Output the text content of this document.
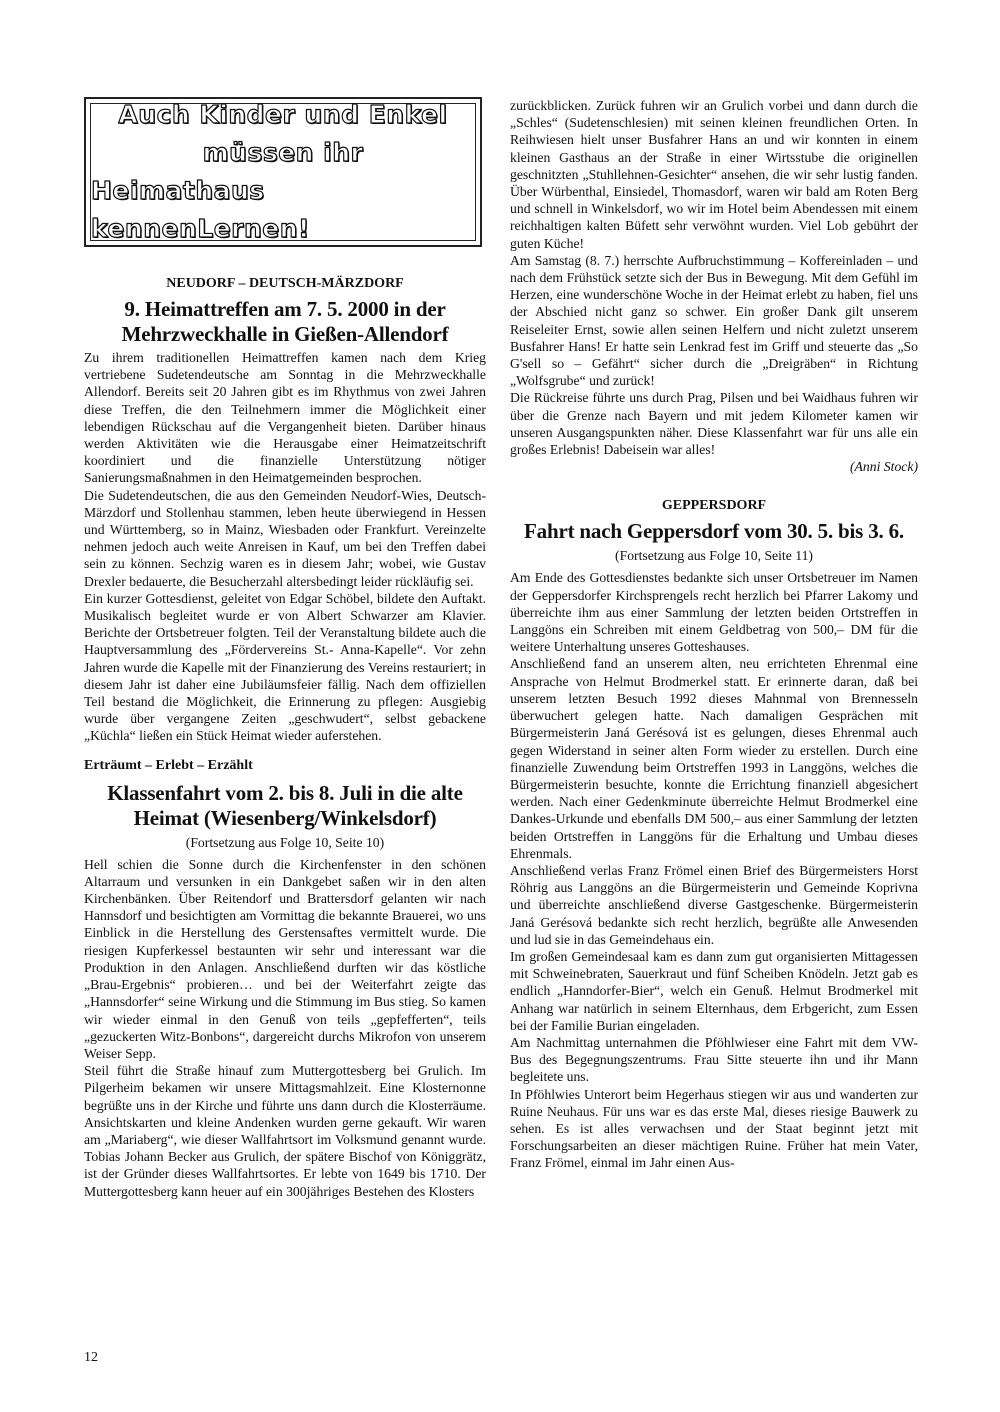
Auch Kinder und Enkel
müssen ihr
Heimathaus kennenLernen!
NEUDORF – DEUTSCH-MÄRZDORF
9. Heimattreffen am 7. 5. 2000 in der Mehrzweckhalle in Gießen-Allendorf

Zu ihrem traditionellen Heimattreffen kamen nach dem Krieg vertriebene Sudetendeutsche am Sonntag in die Mehrzweckhalle Allendorf. Bereits seit 20 Jahren gibt es im Rhythmus von zwei Jahren diese Treffen, die den Teilnehmern immer die Möglichkeit einer lebendigen Rückschau auf die Vergangenheit bieten. Darüber hinaus werden Aktivitäten wie die Herausgabe einer Heimatzeitschrift koordiniert und die finanzielle Unterstützung nötiger Sanierungsmaßnahmen in den Heimatgemeinden besprochen.

Die Sudetendeutschen, die aus den Gemeinden Neudorf-Wies, Deutsch-Märzdorf und Stollenhau stammen, leben heute überwiegend in Hessen und Württemberg, so in Mainz, Wiesbaden oder Frankfurt. Vereinzelte nehmen jedoch auch weite Anreisen in Kauf, um bei den Treffen dabei sein zu können. Sechzig waren es in diesem Jahr; wobei, wie Gustav Drexler bedauerte, die Besucherzahl altersbedingt leider rückläufig sei.

Ein kurzer Gottesdienst, geleitet von Edgar Schöbel, bildete den Auftakt. Musikalisch begleitet wurde er von Albert Schwarzer am Klavier. Berichte der Ortsbetreuer folgten. Teil der Veranstaltung bildete auch die Hauptversammlung des „Fördervereins St.- Anna-Kapelle“. Vor zehn Jahren wurde die Kapelle mit der Finanzierung des Vereins restauriert; in diesem Jahr ist daher eine Jubiläumsfeier fällig. Nach dem offiziellen Teil bestand die Möglichkeit, die Erinnerung zu pflegen: Ausgiebig wurde über vergangene Zeiten „geschwudert“, selbst gebackene „Küchla“ ließen ein Stück Heimat wieder auferstehen.

Erträumt – Erlebt – Erzählt
Klassenfahrt vom 2. bis 8. Juli in die alte Heimat (Wiesenberg/Winkelsdorf)
(Fortsetzung aus Folge 10, Seite 10)

Hell schien die Sonne durch die Kirchenfenster in den schönen Altarraum und versunken in ein Dankgebet saßen wir in den alten Kirchenbänken. Über Reitendorf und Brattersdorf gelanten wir nach Hannsdorf und besichtigten am Vormittag die bekannte Brauerei, wo uns Einblick in die Herstellung des Gerstensaftes vermittelt wurde. Die riesigen Kupferkessel bestaunten wir sehr und interessant war die Produktion in den Anlagen. Anschließend durften wir das köstliche „Brau-Ergebnis“ probieren… und bei der Weiterfahrt zeigte das „Hannsdorfer“ seine Wirkung und die Stimmung im Bus stieg. So kamen wir wieder einmal in den Genuß von teils „gepfefferten“, teils „gezuckerten Witz-Bonbons“, dargereicht durchs Mikrofon von unserem Weiser Sepp.

Steil führt die Straße hinauf zum Muttergottesberg bei Grulich. Im Pilgerheim bekamen wir unsere Mittagsmahlzeit. Eine Klosternonne begrüßte uns in der Kirche und führte uns dann durch die Klosterräume. Ansichtskarten und kleine Andenken wurden gerne gekauft. Wir waren am „Mariaberg“, wie dieser Wallfahrtsort im Volksmund genannt wurde. Tobias Johann Becker aus Grulich, der spätere Bischof von Königgrätz, ist der Gründer dieses Wallfahrtsortes. Er lebte von 1649 bis 1710. Der Muttergottesberg kann heuer auf ein 300jähriges Bestehen des Klosters

zurückblicken. Zurück fuhren wir an Grulich vorbei und dann durch die „Schles“ (Sudetenschlesien) mit seinen kleinen freundlichen Orten. In Reihwiesen hielt unser Busfahrer Hans an und wir konnten in einem kleinen Gasthaus an der Straße in einer Wirtsstube die originellen geschnitzten „Stuhllehnen-Gesichter“ ansehen, die wir sehr lustig fanden. Über Würbenthal, Einsiedel, Thomasdorf, waren wir bald am Roten Berg und schnell in Winkelsdorf, wo wir im Hotel beim Abendessen mit einem reichhaltigen kalten Büfett sehr verwöhnt wurden. Viel Lob gebührt der guten Küche!

Am Samstag (8. 7.) herrschte Aufbruchstimmung – Koffereinladen – und nach dem Frühstück setzte sich der Bus in Bewegung. Mit dem Gefühl im Herzen, eine wunderschöne Woche in der Heimat erlebt zu haben, fiel uns der Abschied nicht ganz so schwer. Ein großer Dank gilt unserem Reiseleiter Ernst, sowie allen seinen Helfern und nicht zuletzt unserem Busfahrer Hans! Er hatte sein Lenkrad fest im Griff und steuerte das „So G'sell so – Gefährt“ sicher durch die „Dreigräben“ in Richtung „Wolfsgrube“ und zurück!

Die Rückreise führte uns durch Prag, Pilsen und bei Waidhaus fuhren wir über die Grenze nach Bayern und mit jedem Kilometer kamen wir unseren Ausgangspunkten näher. Diese Klassenfahrt war für uns alle ein großes Erlebnis! Dabeisein war alles!

(Anni Stock)

GEPPERSDORF
Fahrt nach Geppersdorf vom 30. 5. bis 3. 6.
(Fortsetzung aus Folge 10, Seite 11)

Am Ende des Gottesdienstes bedankte sich unser Ortsbetreuer im Namen der Geppersdorfer Kirchsprengels recht herzlich bei Pfarrer Lakomy und überreichte ihm aus einer Sammlung der letzten beiden Ortstreffen in Langgöns ein Schreiben mit einem Geldbetrag von 500,– DM für die weitere Unterhaltung unseres Gotteshauses.

Anschließend fand an unserem alten, neu errichteten Ehrenmal eine Ansprache von Helmut Brodmerkel statt. Er erinnerte daran, daß bei unserem letzten Besuch 1992 dieses Mahnmal von Brennesseln überwuchert gelegen hatte. Nach damaligen Gesprächen mit Bürgermeisterin Janá Gerésová ist es gelungen, dieses Ehrenmal auch gegen Widerstand in seiner alten Form wieder zu erstellen. Durch eine finanzielle Zuwendung beim Ortstreffen 1993 in Langgöns, welches die Bürgermeisterin besuchte, konnte die Errichtung finanziell abgesichert werden. Nach einer Gedenkminute überreichte Helmut Brodmerkel eine Dankes-Urkunde und ebenfalls DM 500,– aus einer Sammlung der letzten beiden Ortstreffen in Langgöns für die Erhaltung und Umbau dieses Ehrenmals.

Anschließend verlas Franz Frömel einen Brief des Bürgermeisters Horst Röhrig aus Langgöns an die Bürgermeisterin und Gemeinde Koprivna und überreichte anschließend diverse Gastgeschenke. Bürgermeisterin Janá Gerésová bedankte sich recht herzlich, begrüßte alle Anwesenden und lud sie in das Gemeindehaus ein.

Im großen Gemeindesaal kam es dann zum gut organisierten Mittagessen mit Schweinebraten, Sauerkraut und fünf Scheiben Knödeln. Jetzt gab es endlich „Hanndorfer-Bier“, welch ein Genuß. Helmut Brodmerkel mit Anhang war natürlich in seinem Elternhaus, dem Erbgericht, zum Essen bei der Familie Burian eingeladen.

Am Nachmittag unternahmen die Pföhlwieser eine Fahrt mit dem VW-Bus des Begegnungszentrums. Frau Sitte steuerte ihn und ihr Mann begleitete uns.

In Pföhlwies Unterort beim Hegerhaus stiegen wir aus und wanderten zur Ruine Neuhaus. Für uns war es das erste Mal, dieses riesige Bauwerk zu sehen. Es ist alles verwachsen und der Staat beginnt jetzt mit Forschungsarbeiten an dieser mächtigen Ruine. Früher hat mein Vater, Franz Frömel, einmal im Jahr einen Aus-

12
